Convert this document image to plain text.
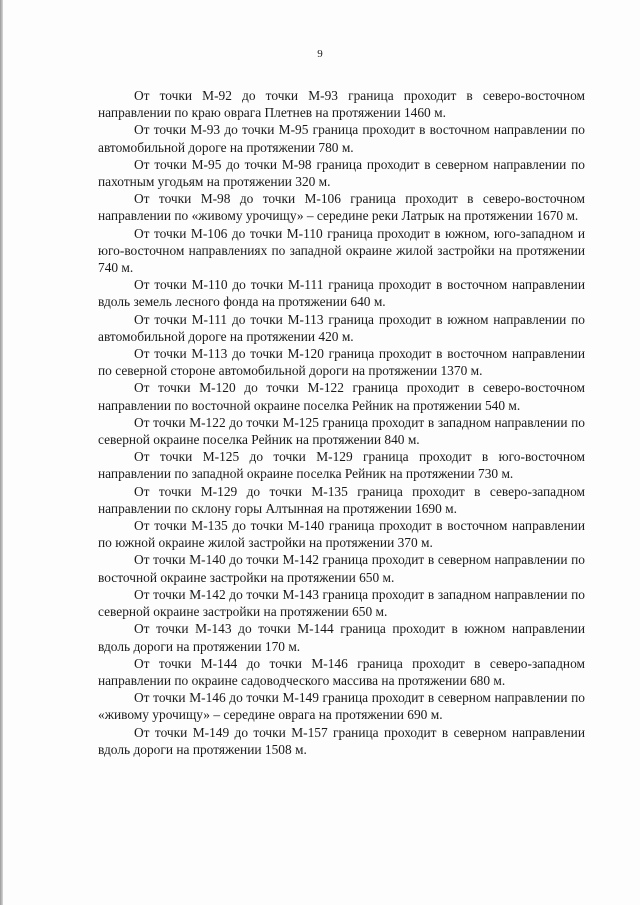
9

От точки М-92 до точки М-93 граница проходит в северо-восточном направлении по краю оврага Плетнев на протяжении 1460 м.

От точки М-93 до точки М-95 граница проходит в восточном направлении по автомобильной дороге на протяжении 780 м.

От точки М-95 до точки М-98 граница проходит в северном направлении по пахотным угодьям на протяжении 320 м.

От точки М-98 до точки М-106 граница проходит в северо-восточном направлении по «живому урочищу» – середине реки Латрык на протяжении 1670 м.

От точки М-106 до точки М-110 граница проходит в южном, юго-западном и юго-восточном направлениях по западной окраине жилой застройки на протяжении 740 м.

От точки М-110 до точки М-111 граница проходит в восточном направлении вдоль земель лесного фонда на протяжении 640 м.

От точки М-111 до точки М-113 граница проходит в южном направлении по автомобильной дороге на протяжении 420 м.

От точки М-113 до точки М-120 граница проходит в восточном направлении по северной стороне автомобильной дороги на протяжении 1370 м.

От точки М-120 до точки М-122 граница проходит в северо-восточном направлении по восточной окраине поселка Рейник на протяжении 540 м.

От точки М-122 до точки М-125 граница проходит в западном направлении по северной окраине поселка Рейник на протяжении 840 м.

От точки М-125 до точки М-129 граница проходит в юго-восточном направлении по западной окраине поселка Рейник на протяжении 730 м.

От точки М-129 до точки М-135 граница проходит в северо-западном направлении по склону горы Алтынная на протяжении 1690 м.

От точки М-135 до точки М-140 граница проходит в восточном направлении по южной окраине жилой застройки на протяжении 370 м.

От точки М-140 до точки М-142 граница проходит в северном направлении по восточной окраине застройки на протяжении 650 м.

От точки М-142 до точки М-143 граница проходит в западном направлении по северной окраине застройки на протяжении 650 м.

От точки М-143 до точки М-144 граница проходит в южном направлении вдоль дороги на протяжении 170 м.

От точки М-144 до точки М-146 граница проходит в северо-западном направлении по окраине садоводческого массива на протяжении 680 м.

От точки М-146 до точки М-149 граница проходит в северном направлении по «живому урочищу» – середине оврага на протяжении 690 м.

От точки М-149 до точки М-157 граница проходит в северном направлении вдоль дороги на протяжении 1508 м.
